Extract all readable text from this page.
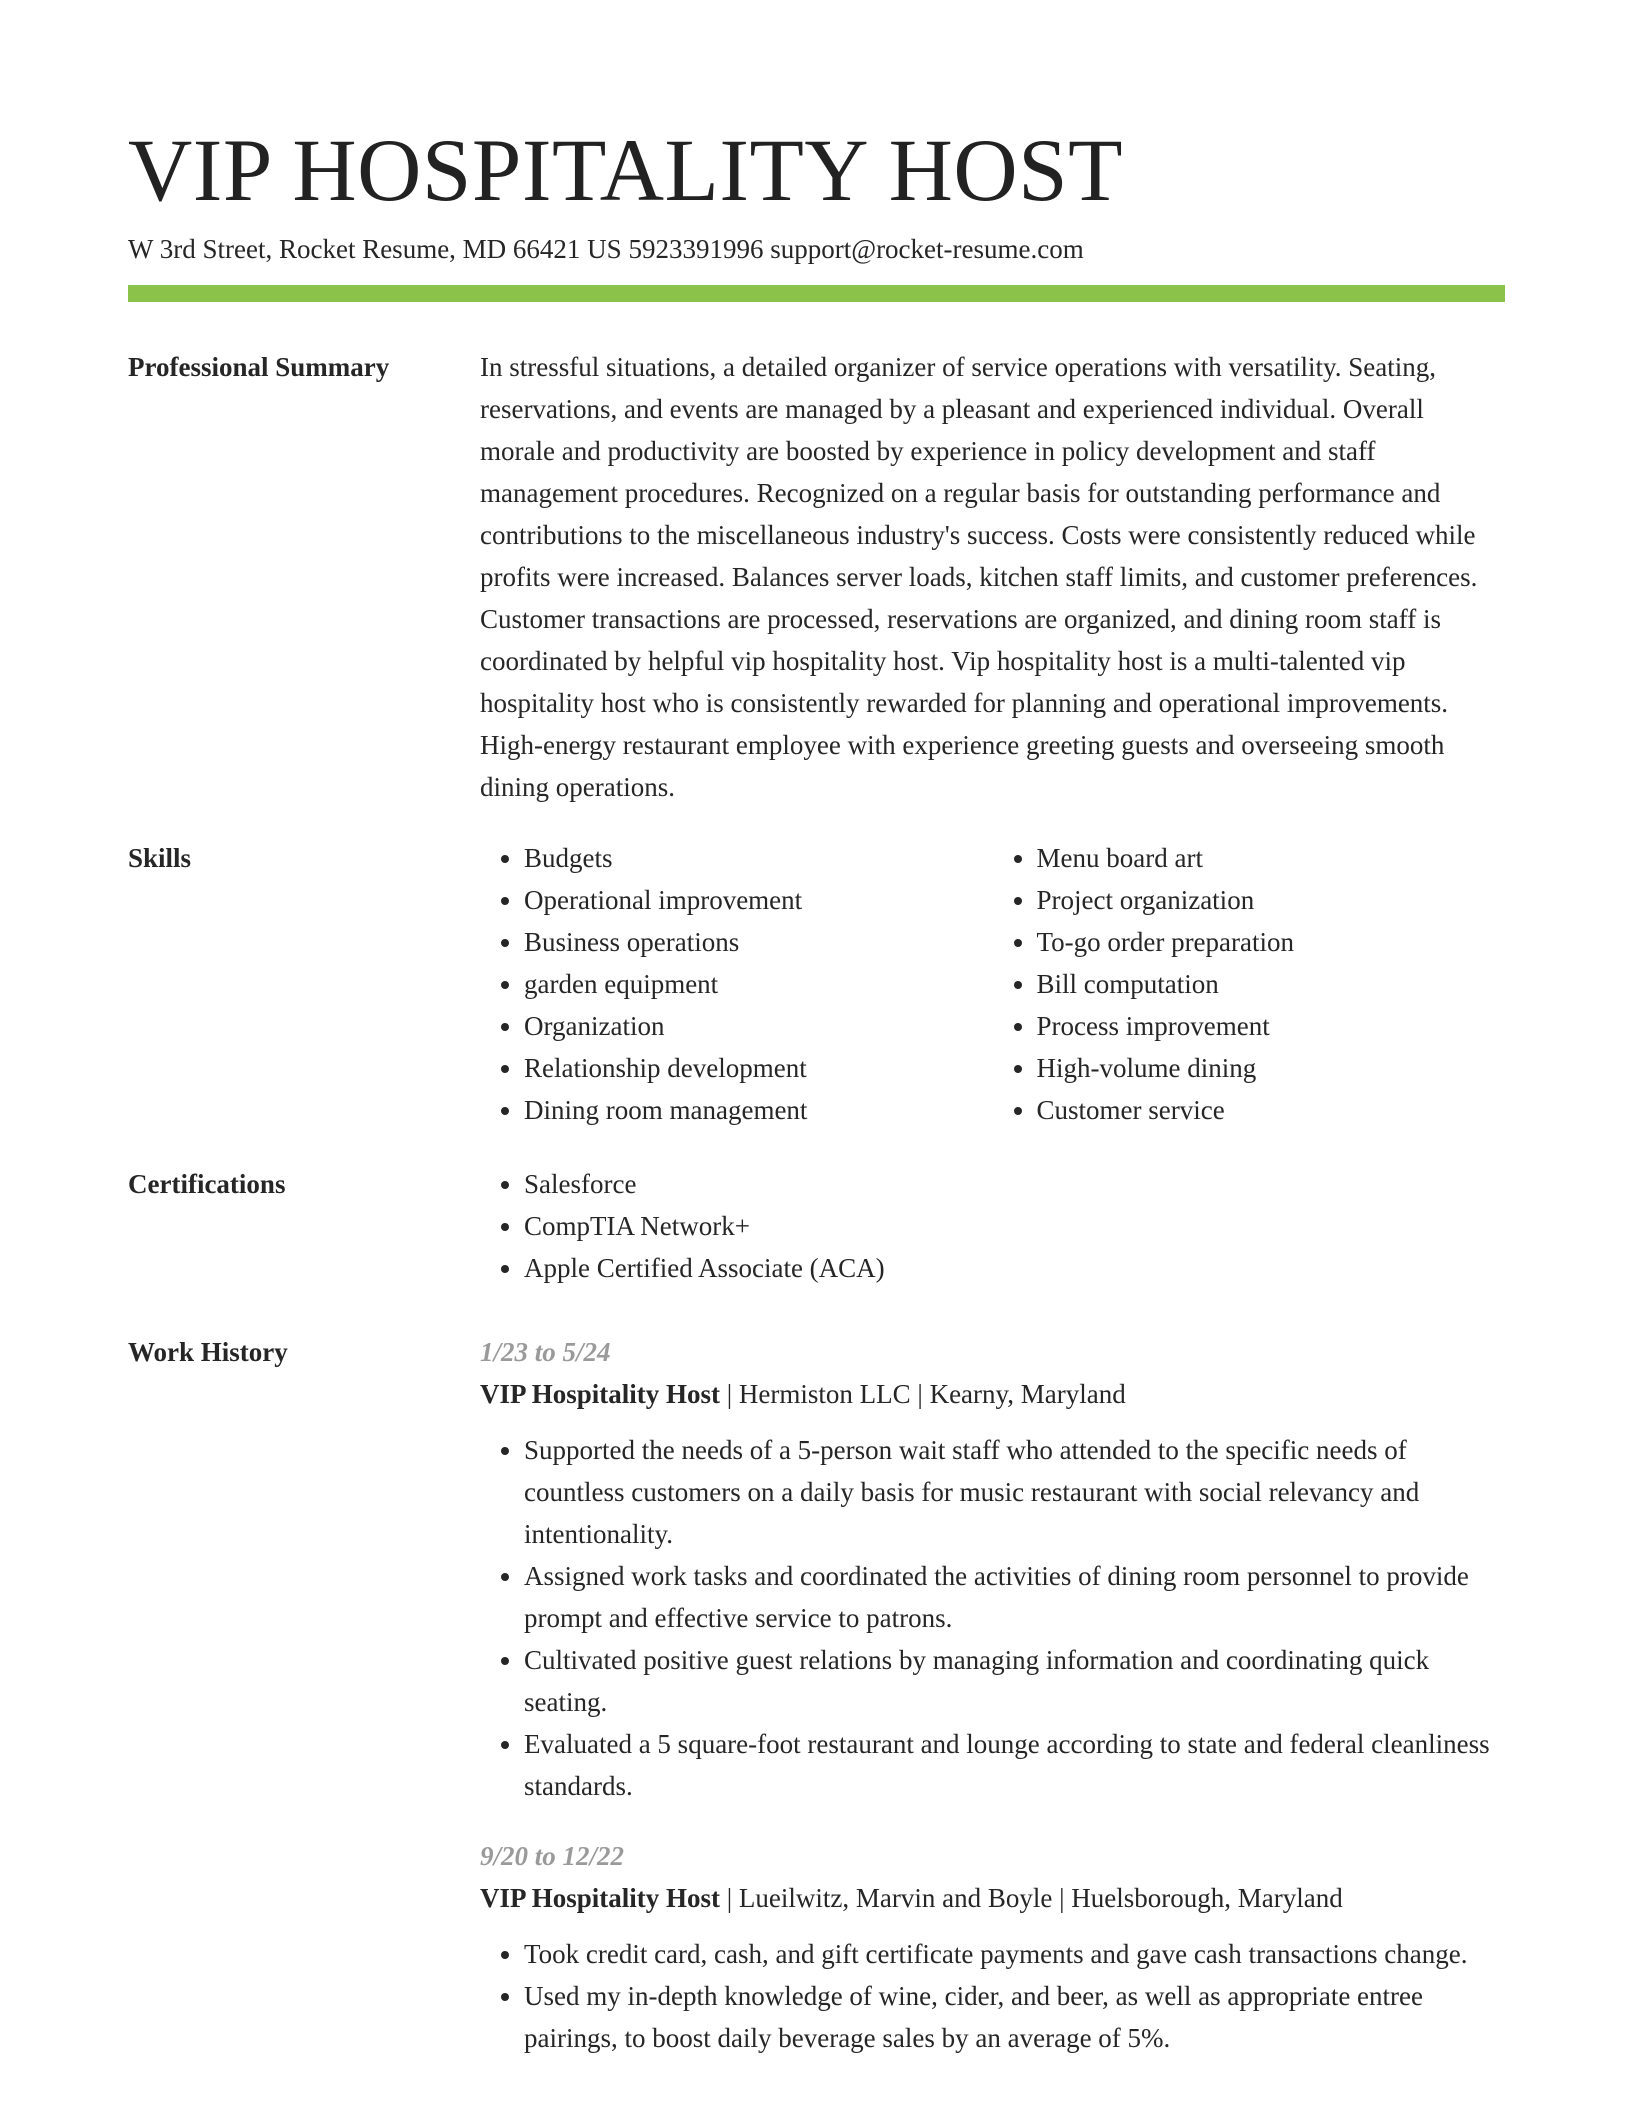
VIP HOSPITALITY HOST
W 3rd Street, Rocket Resume, MD 66421 US 5923391996 support@rocket-resume.com
Professional Summary	In stressful situations, a detailed organizer of service operations with versatility. Seating, reservations, and events are managed by a pleasant and experienced individual. Overall morale and productivity are boosted by experience in policy development and staff management procedures. Recognized on a regular basis for outstanding performance and contributions to the miscellaneous industry's success. Costs were consistently reduced while profits were increased. Balances server loads, kitchen staff limits, and customer preferences. Customer transactions are processed, reservations are organized, and dining room staff is coordinated by helpful vip hospitality host. Vip hospitality host is a multi-talented vip hospitality host who is consistently rewarded for planning and operational improvements. High-energy restaurant employee with experience greeting guests and overseeing smooth dining operations.

Skills	• Budgets
• Operational improvement
• Business operations
• garden equipment
• Organization
• Relationship development
• Dining room management
• Menu board art
• Project organization
• To-go order preparation
• Bill computation
• Process improvement
• High-volume dining
• Customer service
Certifications	• Salesforce
• CompTIA Network+
• Apple Certified Associate (ACA)
Work History	1/23 to 5/24
VIP Hospitality Host | Hermiston LLC | Kearny, Maryland
• Supported the needs of a 5-person wait staff who attended to the specific needs of countless customers on a daily basis for music restaurant with social relevancy and intentionality.
• Assigned work tasks and coordinated the activities of dining room personnel to provide prompt and effective service to patrons.
• Cultivated positive guest relations by managing information and coordinating quick seating.
• Evaluated a 5 square-foot restaurant and lounge according to state and federal cleanliness standards.
9/20 to 12/22
VIP Hospitality Host | Lueilwitz, Marvin and Boyle | Huelsborough, Maryland
• Took credit card, cash, and gift certificate payments and gave cash transactions change.
• Used my in-depth knowledge of wine, cider, and beer, as well as appropriate entree pairings, to boost daily beverage sales by an average of 5%.
